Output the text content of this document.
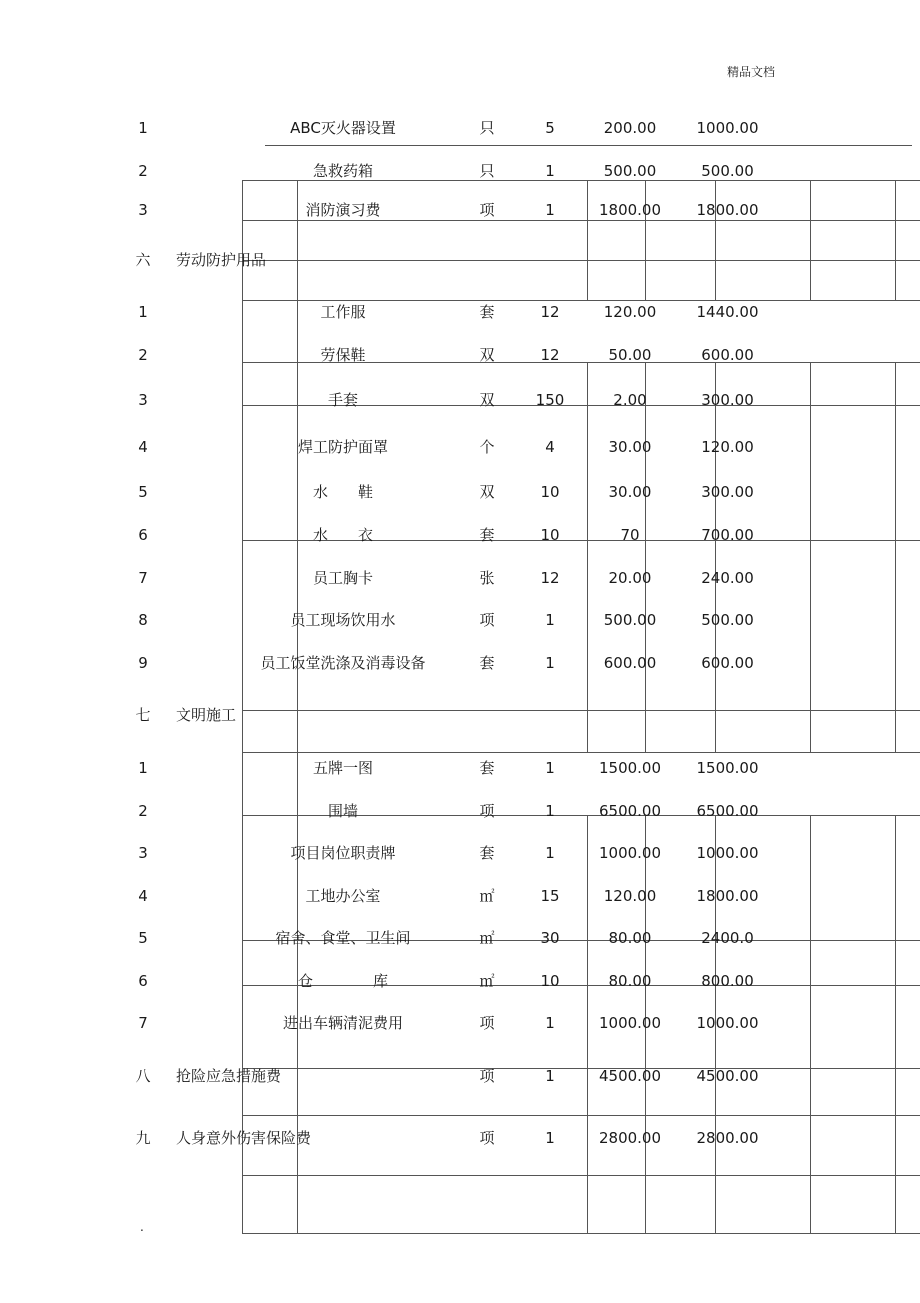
精品文档
1	ABC灭火器设置	只	5	200.00	1000.00
2	急救药箱	只	1	500.00	500.00
3	消防演习费	项	1	1800.00	1800.00
六 劳动防护用品
1	工作服	套	12	120.00	1440.00
2	劳保鞋	双	12	50.00	600.00
3	手套	双	150	2.00	300.00
4	焊工防护面罩	个	4	30.00	120.00
5	水　　鞋	双	10	30.00	300.00
6	水　　衣	套	10	70	700.00
7	员工胸卡	张	12	20.00	240.00
8	员工现场饮用水	项	1	500.00	500.00
9	员工饭堂洗涤及消毒设备	套	1	600.00	600.00
七 文明施工
1	五牌一图	套	1	1500.00	1500.00
2	围墙	项	1	6500.00	6500.00
3	项目岗位职责牌	套	1	1000.00	1000.00
4	工地办公室	㎡	15	120.00	1800.00
5	宿舍、食堂、卫生间	㎡	30	80.00	2400.0
6	仓　　　　库	㎡	10	80.00	800.00
7	进出车辆清泥费用	项	1	1000.00	1000.00
八 抢险应急措施费	项	1	4500.00	4500.00
九 人身意外伤害保险费	项	1	2800.00	2800.00
.
